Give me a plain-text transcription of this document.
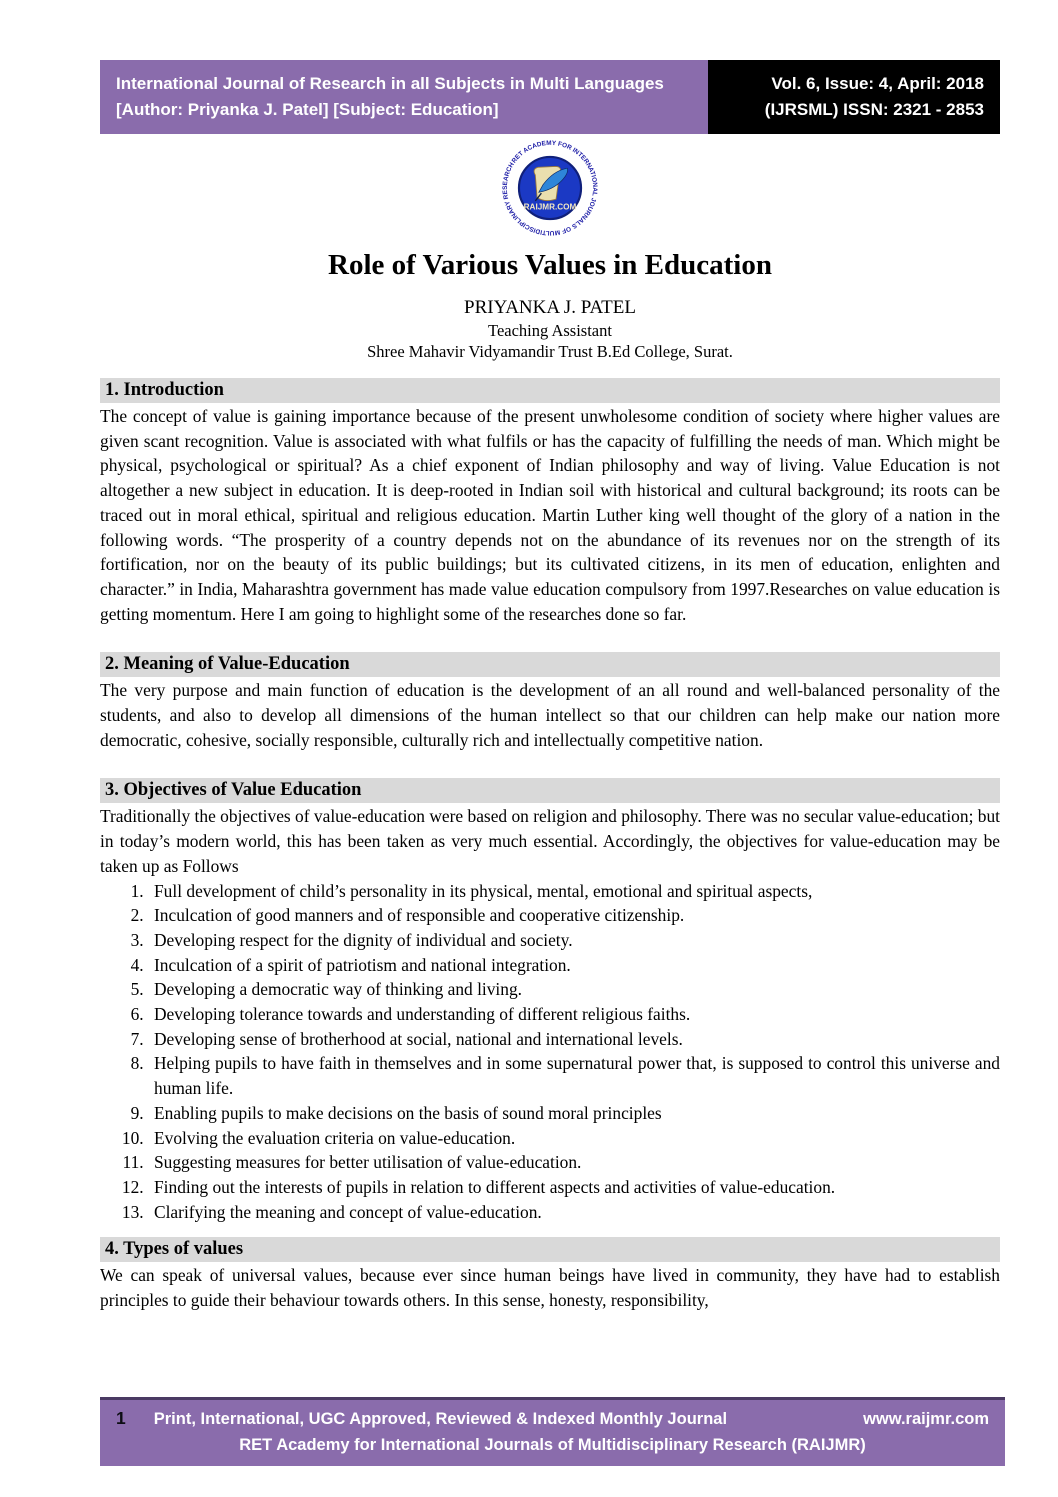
International Journal of Research in all Subjects in Multi Languages
[Author: Priyanka J. Patel] [Subject: Education]
Vol. 6, Issue: 4, April: 2018
(IJRSML) ISSN: 2321 - 2853
RET ACADEMY FOR INTERNATIONAL JOURNALS OF MULTIDISCIPLINARY RESEARCH
RAIJMR.COM
Role of Various Values in Education

PRIYANKA J. PATEL

Teaching Assistant

Shree Mahavir Vidyamandir Trust B.Ed College, Surat.

1. Introduction

The concept of value is gaining importance because of the present unwholesome condition of society where higher values are given scant recognition. Value is associated with what fulfils or has the capacity of fulfilling the needs of man. Which might be physical, psychological or spiritual? As a chief exponent of Indian philosophy and way of living. Value Education is not altogether a new subject in education. It is deep-rooted in Indian soil with historical and cultural background; its roots can be traced out in moral ethical, spiritual and religious education. Martin Luther king well thought of the glory of a nation in the following words. “The prosperity of a country depends not on the abundance of its revenues nor on the strength of its fortification, nor on the beauty of its public buildings; but its cultivated citizens, in its men of education, enlighten and character.” in India, Maharashtra government has made value education compulsory from 1997.Researches on value education is getting momentum. Here I am going to highlight some of the researches done so far.

2. Meaning of Value-Education

The very purpose and main function of education is the development of an all round and well-balanced personality of the students, and also to develop all dimensions of the human intellect so that our children can help make our nation more democratic, cohesive, socially responsible, culturally rich and intellectually competitive nation.

3. Objectives of Value Education

Traditionally the objectives of value-education were based on religion and philosophy. There was no secular value-education; but in today’s modern world, this has been taken as very much essential. Accordingly, the objectives for value-education may be taken up as Follows

1. Full development of child’s personality in its physical, mental, emotional and spiritual aspects,
2. Inculcation of good manners and of responsible and cooperative citizenship.
3. Developing respect for the dignity of individual and society.
4. Inculcation of a spirit of patriotism and national integration.
5. Developing a democratic way of thinking and living.
6. Developing tolerance towards and understanding of different religious faiths.
7. Developing sense of brotherhood at social, national and international levels.
8. Helping pupils to have faith in themselves and in some supernatural power that, is supposed to control this universe and human life.
9. Enabling pupils to make decisions on the basis of sound moral principles
10. Evolving the evaluation criteria on value-education.
11. Suggesting measures for better utilisation of value-education.
12. Finding out the interests of pupils in relation to different aspects and activities of value-education.
13. Clarifying the meaning and concept of value-education.
4. Types of values

We can speak of universal values, because ever since human beings have lived in community, they have had to establish principles to guide their behaviour towards others. In this sense, honesty, responsibility,

1 Print, International, UGC Approved, Reviewed & Indexed Monthly Journal	www.raijmr.com
RET Academy for International Journals of Multidisciplinary Research (RAIJMR)
